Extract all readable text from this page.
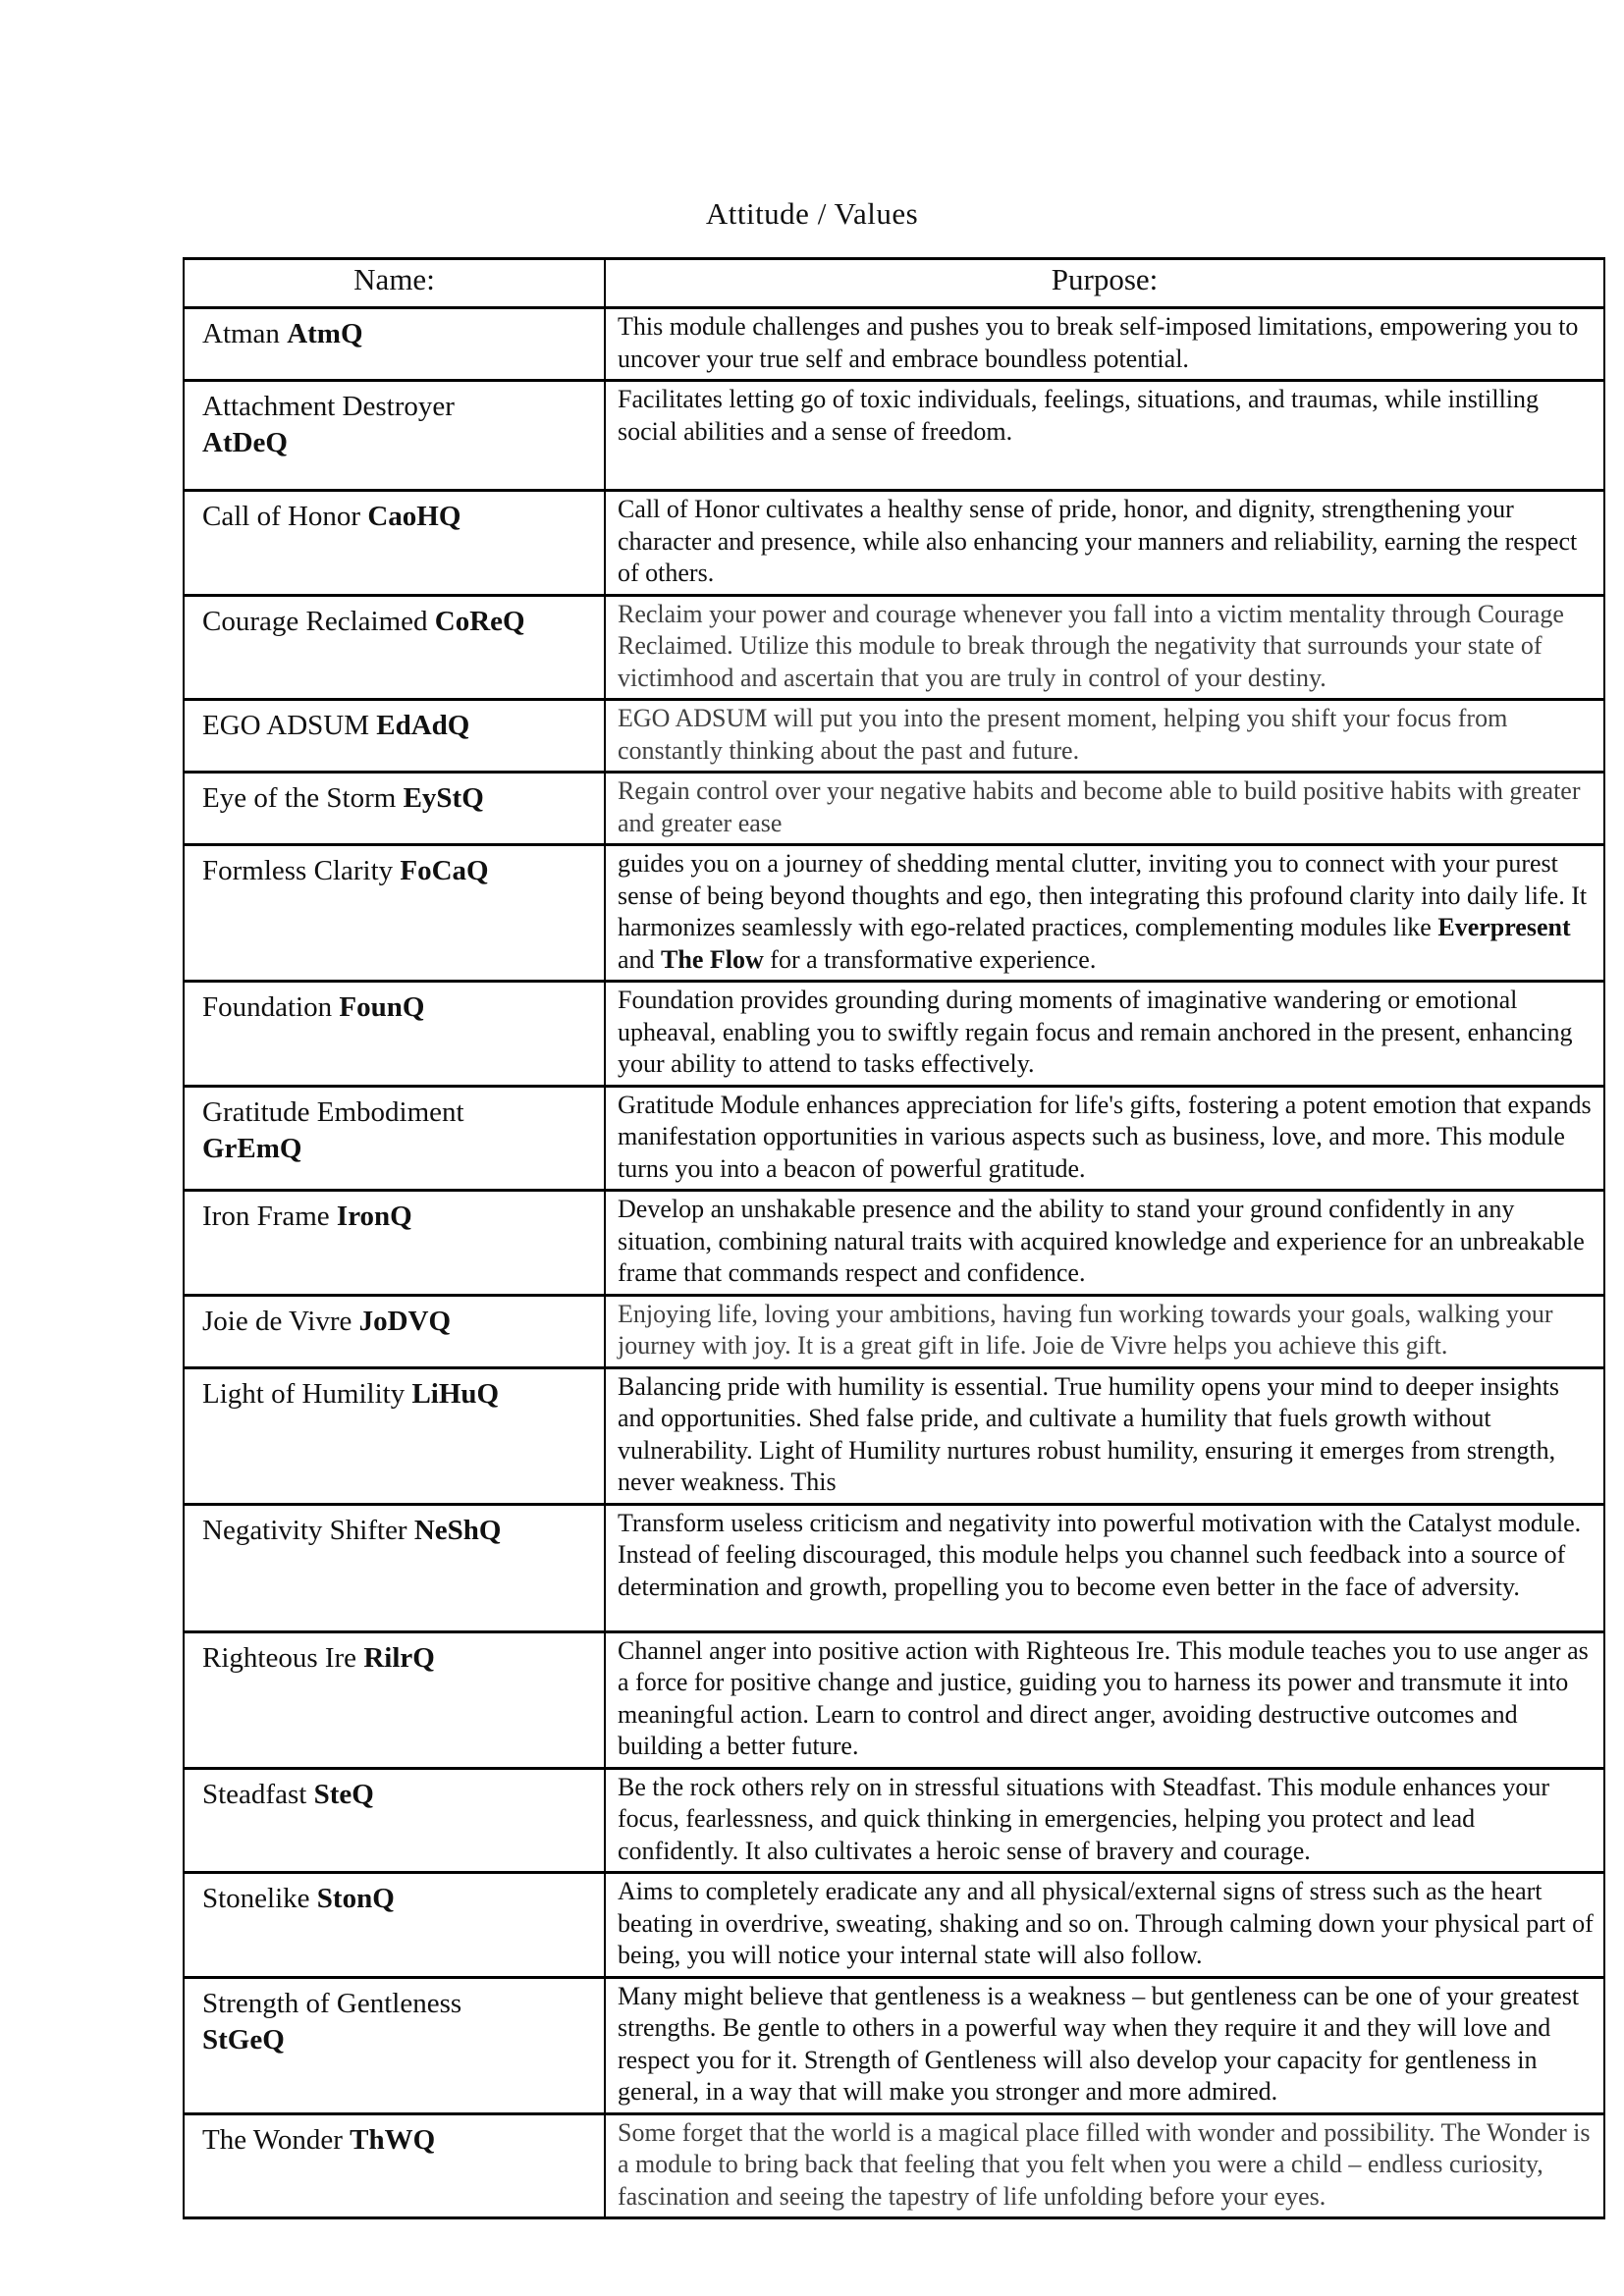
Attitude / Values
Name:	Purpose:
Atman AtmQ	This module challenges and pushes you to break self-imposed limitations, empowering you to uncover your true self and embrace boundless potential.
Attachment Destroyer
AtDeQ	Facilitates letting go of toxic individuals, feelings, situations, and traumas, while instilling social abilities and a sense of freedom.
Call of Honor CaoHQ	Call of Honor cultivates a healthy sense of pride, honor, and dignity, strengthening your character and presence, while also enhancing your manners and reliability, earning the respect of others.
Courage Reclaimed CoReQ	Reclaim your power and courage whenever you fall into a victim mentality through Courage Reclaimed. Utilize this module to break through the negativity that surrounds your state of victimhood and ascertain that you are truly in control of your destiny.
EGO ADSUM EdAdQ	EGO ADSUM will put you into the present moment, helping you shift your focus from constantly thinking about the past and future.
Eye of the Storm EyStQ	Regain control over your negative habits and become able to build positive habits with greater and greater ease
Formless Clarity FoCaQ	guides you on a journey of shedding mental clutter, inviting you to connect with your purest sense of being beyond thoughts and ego, then integrating this profound clarity into daily life. It harmonizes seamlessly with ego-related practices, complementing modules like Everpresent and The Flow for a transformative experience.
Foundation FounQ	Foundation provides grounding during moments of imaginative wandering or emotional upheaval, enabling you to swiftly regain focus and remain anchored in the present, enhancing your ability to attend to tasks effectively.
Gratitude Embodiment
GrEmQ	Gratitude Module enhances appreciation for life's gifts, fostering a potent emotion that expands manifestation opportunities in various aspects such as business, love, and more. This module turns you into a beacon of powerful gratitude.
Iron Frame IronQ	Develop an unshakable presence and the ability to stand your ground confidently in any situation, combining natural traits with acquired knowledge and experience for an unbreakable frame that commands respect and confidence.
Joie de Vivre JoDVQ	Enjoying life, loving your ambitions, having fun working towards your goals, walking your journey with joy. It is a great gift in life. Joie de Vivre helps you achieve this gift.
Light of Humility LiHuQ	Balancing pride with humility is essential. True humility opens your mind to deeper insights and opportunities. Shed false pride, and cultivate a humility that fuels growth without vulnerability. Light of Humility nurtures robust humility, ensuring it emerges from strength, never weakness. This
Negativity Shifter NeShQ	Transform useless criticism and negativity into powerful motivation with the Catalyst module. Instead of feeling discouraged, this module helps you channel such feedback into a source of determination and growth, propelling you to become even better in the face of adversity.
Righteous Ire RilrQ	Channel anger into positive action with Righteous Ire. This module teaches you to use anger as a force for positive change and justice, guiding you to harness its power and transmute it into meaningful action. Learn to control and direct anger, avoiding destructive outcomes and building a better future.
Steadfast SteQ	Be the rock others rely on in stressful situations with Steadfast. This module enhances your focus, fearlessness, and quick thinking in emergencies, helping you protect and lead confidently. It also cultivates a heroic sense of bravery and courage.
Stonelike StonQ	Aims to completely eradicate any and all physical/external signs of stress such as the heart beating in overdrive, sweating, shaking and so on. Through calming down your physical part of being, you will notice your internal state will also follow.
Strength of Gentleness
StGeQ	Many might believe that gentleness is a weakness – but gentleness can be one of your greatest strengths. Be gentle to others in a powerful way when they require it and they will love and respect you for it. Strength of Gentleness will also develop your capacity for gentleness in general, in a way that will make you stronger and more admired.
The Wonder ThWQ	Some forget that the world is a magical place filled with wonder and possibility. The Wonder is a module to bring back that feeling that you felt when you were a child – endless curiosity, fascination and seeing the tapestry of life unfolding before your eyes.
